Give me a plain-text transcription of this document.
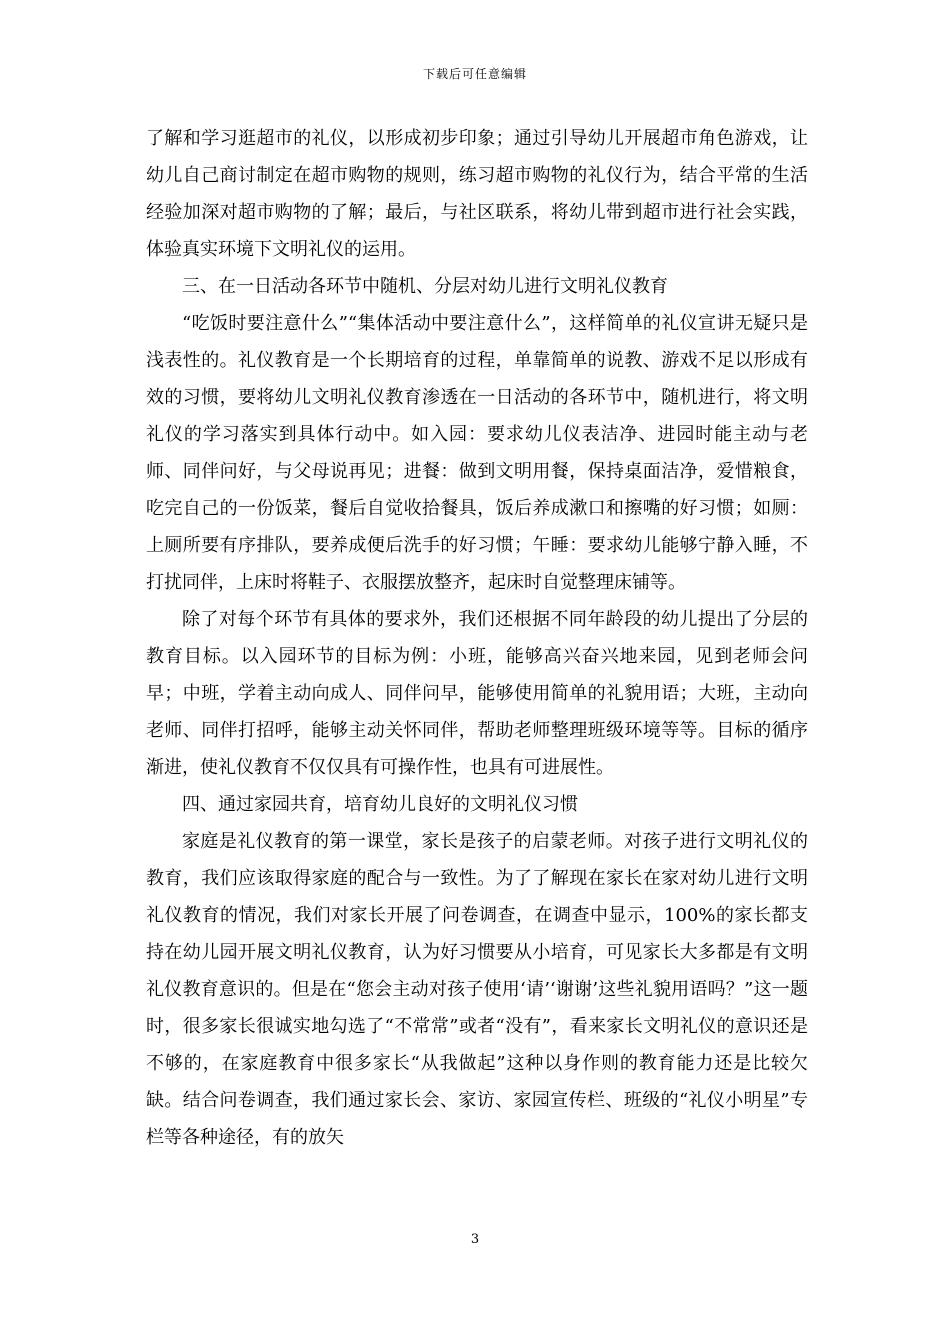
下载后可任意编辑

了解和学习逛超市的礼仪，以形成初步印象；通过引导幼儿开展超市角色游戏，让幼儿自己商讨制定在超市购物的规则，练习超市购物的礼仪行为，结合平常的生活经验加深对超市购物的了解；最后，与社区联系，将幼儿带到超市进行社会实践，体验真实环境下文明礼仪的运用。

三、在一日活动各环节中随机、分层对幼儿进行文明礼仪教育

“吃饭时要注意什么”“集体活动中要注意什么”，这样简单的礼仪宣讲无疑只是浅表性的。礼仪教育是一个长期培育的过程，单靠简单的说教、游戏不足以形成有效的习惯，要将幼儿文明礼仪教育渗透在一日活动的各环节中，随机进行，将文明礼仪的学习落实到具体行动中。如入园：要求幼儿仪表洁净、进园时能主动与老师、同伴问好，与父母说再见；进餐：做到文明用餐，保持桌面洁净，爱惜粮食，吃完自己的一份饭菜，餐后自觉收拾餐具，饭后养成漱口和擦嘴的好习惯；如厕：上厕所要有序排队，要养成便后洗手的好习惯；午睡：要求幼儿能够宁静入睡，不打扰同伴，上床时将鞋子、衣服摆放整齐，起床时自觉整理床铺等。

除了对每个环节有具体的要求外，我们还根据不同年龄段的幼儿提出了分层的教育目标。以入园环节的目标为例：小班，能够高兴奋兴地来园，见到老师会问早；中班，学着主动向成人、同伴问早，能够使用简单的礼貌用语；大班，主动向老师、同伴打招呼，能够主动关怀同伴，帮助老师整理班级环境等等。目标的循序渐进，使礼仪教育不仅仅具有可操作性，也具有可进展性。

四、通过家园共育，培育幼儿良好的文明礼仪习惯

家庭是礼仪教育的第一课堂，家长是孩子的启蒙老师。对孩子进行文明礼仪的教育，我们应该取得家庭的配合与一致性。为了了解现在家长在家对幼儿进行文明礼仪教育的情况，我们对家长开展了问卷调查，在调查中显示，100%的家长都支持在幼儿园开展文明礼仪教育，认为好习惯要从小培育，可见家长大多都是有文明礼仪教育意识的。但是在“您会主动对孩子使用‘请’‘谢谢’这些礼貌用语吗？”这一题时，很多家长很诚实地勾选了“不常常”或者“没有”，看来家长文明礼仪的意识还是不够的，在家庭教育中很多家长“从我做起”这种以身作则的教育能力还是比较欠缺。结合问卷调查，我们通过家长会、家访、家园宣传栏、班级的“礼仪小明星”专栏等各种途径，有的放矢

3
